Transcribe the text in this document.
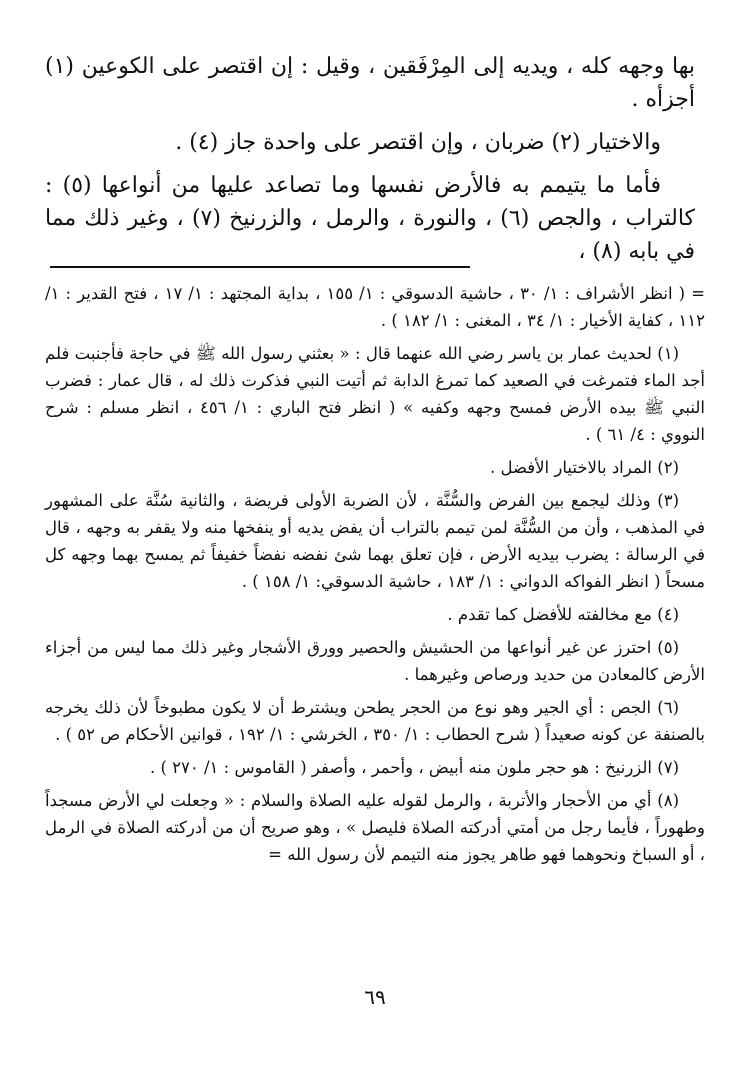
بها وجهه كله ، ويديه إلى المِرْفَقين ، وقيل : إن اقتصر على الكوعين (١) أجزأه .

والاختيار (٢) ضربان ، وإن اقتصر على واحدة جاز (٤) .

فأما ما يتيمم به فالأرض نفسها وما تصاعد عليها من أنواعها (٥) : كالتراب ، والجص (٦) ، والنورة ، والرمل ، والزرنيخ (٧) ، وغير ذلك مما في بابه (٨) ،

= ( انظر الأشراف : ١/ ٣٠ ، حاشية الدسوقي : ١/ ١٥٥ ، بداية المجتهد : ١/ ١٧ ، فتح القدير : ١/ ١١٢ ، كفاية الأخيار : ١/ ٣٤ ، المغنى : ١/ ١٨٢ ) .

(١) لحديث عمار بن ياسر رضي الله عنهما قال : « بعثني رسول الله ﷺ في حاجة فأجنبت فلم أجد الماء فتمرغت في الصعيد كما تمرغ الدابة ثم أتيت النبي فذكرت ذلك له ، قال عمار : فضرب النبي ﷺ بيده الأرض فمسح وجهه وكفيه » ( انظر فتح الباري : ١/ ٤٥٦ ، انظر مسلم : شرح النووي : ٤/ ٦١ ) .

(٢) المراد بالاختيار الأفضل .

(٣) وذلك ليجمع بين الفرض والسُّنَّة ، لأن الضربة الأولى فريضة ، والثانية سُنَّة على المشهور في المذهب ، وأن من السُّنَّة لمن تيمم بالتراب أن يفض يديه أو ينفخها منه ولا يقفر به وجهه ، قال في الرسالة : يضرب بيديه الأرض ، فإن تعلق بهما شئ نفضه نفضاً خفيفاً ثم يمسح بهما وجهه كل مسحاً ( انظر الفواكه الدواني : ١/ ١٨٣ ، حاشية الدسوقي: ١/ ١٥٨ ) .

(٤) مع مخالفته للأفضل كما تقدم .

(٥) احترز عن غير أنواعها من الحشيش والحصير وورق الأشجار وغير ذلك مما ليس من أجزاء الأرض كالمعادن من حديد ورصاص وغيرهما .

(٦) الجص : أي الجير وهو نوع من الحجر يطحن ويشترط أن لا يكون مطبوخاً لأن ذلك يخرجه بالصنفة عن كونه صعيداً ( شرح الحطاب : ١/ ٣٥٠ ، الخرشي : ١/ ١٩٢ ، قوانين الأحكام ص ٥٢ ) .

(٧) الزرنيخ : هو حجر ملون منه أبيض ، وأحمر ، وأصفر ( القاموس : ١/ ٢٧٠ ) .

(٨) أي من الأحجار والأتربة ، والرمل لقوله عليه الصلاة والسلام : « وجعلت لي الأرض مسجداً وطهوراً ، فأيما رجل من أمتي أدركته الصلاة فليصل » ، وهو صريح أن من أدركته الصلاة في الرمل ، أو السباخ ونحوهما فهو طاهر يجوز منه التيمم لأن رسول الله =

٦٩
